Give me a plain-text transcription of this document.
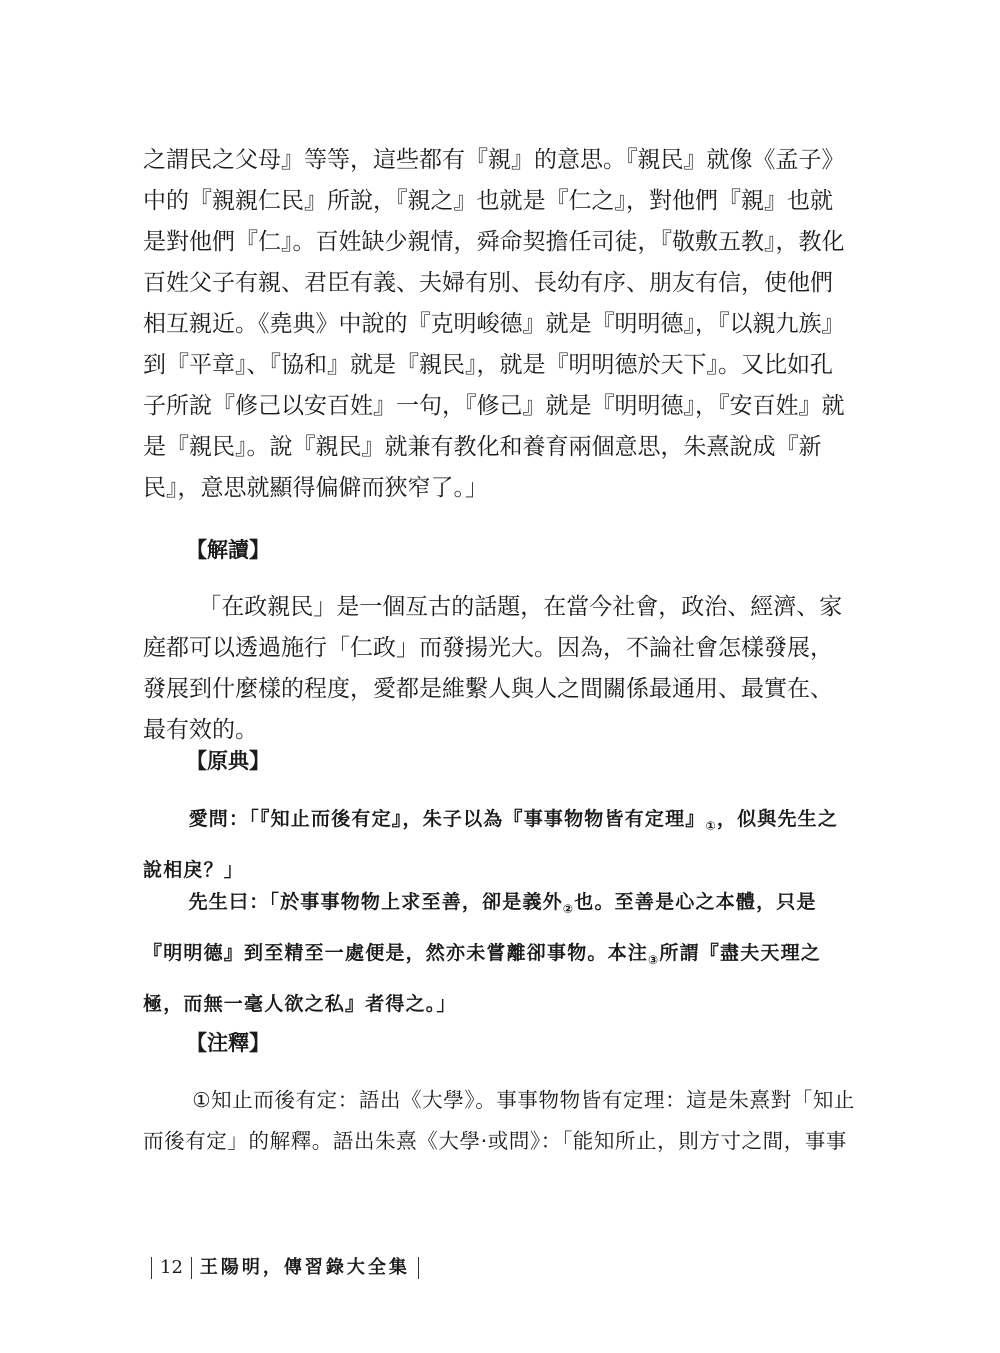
之謂民之父母』等等，這些都有『親』的意思。『親民』就像《孟子》中的『親親仁民』所說，『親之』也就是『仁之』，對他們『親』也就是對他們『仁』。百姓缺少親情，舜命契擔任司徒，『敬敷五教』，教化百姓父子有親、君臣有義、夫婦有別、長幼有序、朋友有信，使他們相互親近。《堯典》中說的『克明峻德』就是『明明德』，『以親九族』到『平章』、『協和』就是『親民』，就是『明明德於天下』。又比如孔子所說『修己以安百姓』一句，『修己』就是『明明德』，『安百姓』就是『親民』。說『親民』就兼有教化和養育兩個意思，朱熹說成『新民』，意思就顯得偏僻而狹窄了。」

【解讀】

「在政親民」是一個亙古的話題，在當今社會，政治、經濟、家庭都可以透過施行「仁政」而發揚光大。因為，不論社會怎樣發展，發展到什麼樣的程度，愛都是維繫人與人之間關係最通用、最實在、最有效的。

【原典】

愛問：「『知止而後有定』，朱子以為『事事物物皆有定理』$_①$，似與先生之說相戾？」

先生曰：「於事事物物上求至善，卻是義外$_②$也。至善是心之本體，只是『明明德』到至精至一處便是，然亦未嘗離卻事物。本注$_③$所謂『盡夫天理之極，而無一毫人欲之私』者得之。」

【注釋】

①知止而後有定：語出《大學》。事事物物皆有定理：這是朱熹對「知止而後有定」的解釋。語出朱熹《大學·或問》：「能知所止，則方寸之間，事事

12 王陽明，傳習錄大全集
